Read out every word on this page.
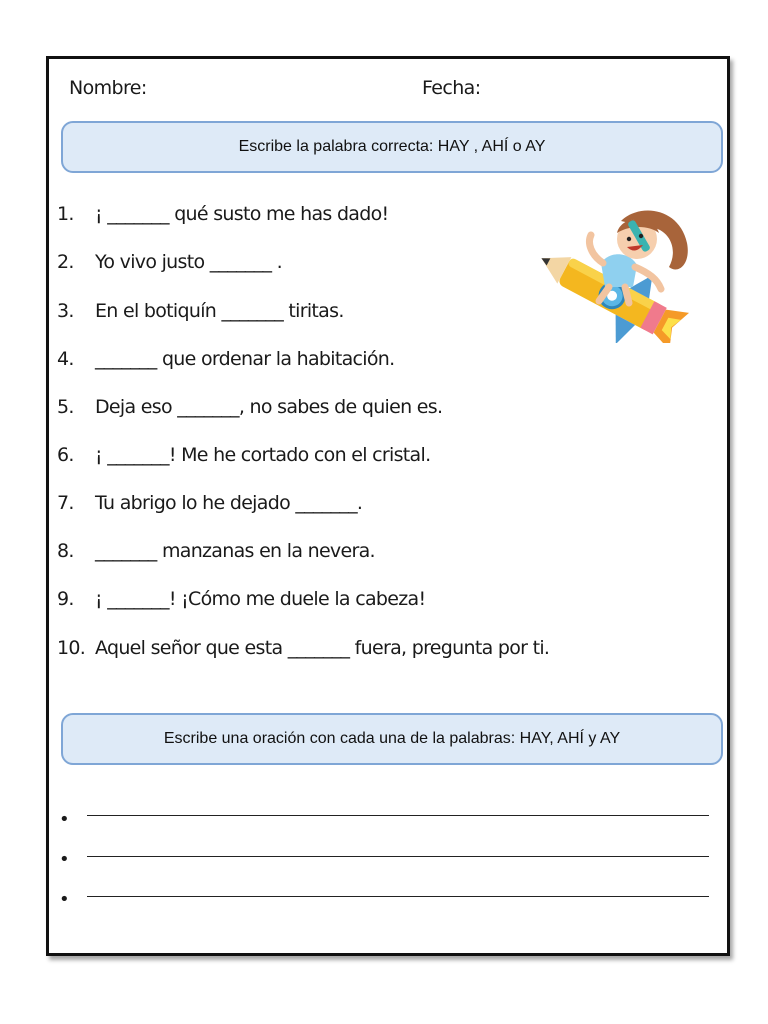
Nombre:	Fecha:
Escribe la palabra correcta: HAY , AHÍ o AY
1.	¡ _______ qué susto me has dado!
2.	Yo vivo justo _______ .
3.	En el botiquín _______ tiritas.
4.	_______ que ordenar la habitación.
5.	Deja eso _______, no sabes de quien es.
6.	¡ _______! Me he cortado con el cristal.
7.	Tu abrigo lo he dejado _______.
8.	_______ manzanas en la nevera.
9.	¡ _______! ¡Cómo me duele la cabeza!
10. Aquel señor que esta _______ fuera, pregunta por ti.
Escribe una oración con cada una de la palabras: HAY, AHÍ y AY
•
•
•
